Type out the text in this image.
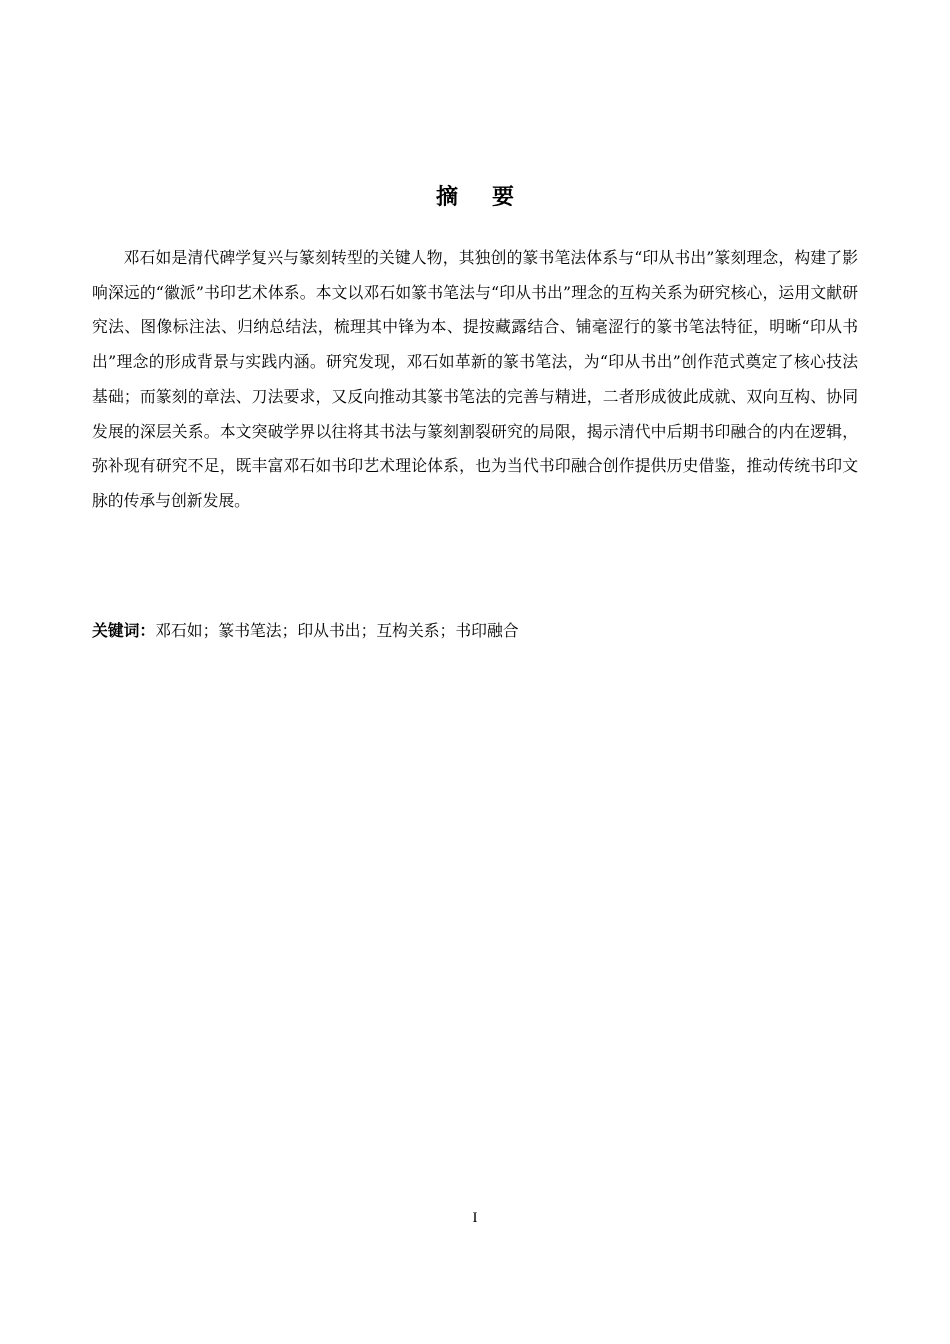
摘要

邓石如是清代碑学复兴与篆刻转型的关键人物，其独创的篆书笔法体系与“印从书出”篆刻理念，构建了影响深远的“徽派”书印艺术体系。本文以邓石如篆书笔法与“印从书出”理念的互构关系为研究核心，运用文献研究法、图像标注法、归纳总结法，梳理其中锋为本、提按藏露结合、铺毫涩行的篆书笔法特征，明晰“印从书出”理念的形成背景与实践内涵。研究发现，邓石如革新的篆书笔法，为“印从书出”创作范式奠定了核心技法基础；而篆刻的章法、刀法要求，又反向推动其篆书笔法的完善与精进，二者形成彼此成就、双向互构、协同发展的深层关系。本文突破学界以往将其书法与篆刻割裂研究的局限，揭示清代中后期书印融合的内在逻辑，弥补现有研究不足，既丰富邓石如书印艺术理论体系，也为当代书印融合创作提供历史借鉴，推动传统书印文脉的传承与创新发展。

关键词：邓石如；篆书笔法；印从书出；互构关系；书印融合

I
